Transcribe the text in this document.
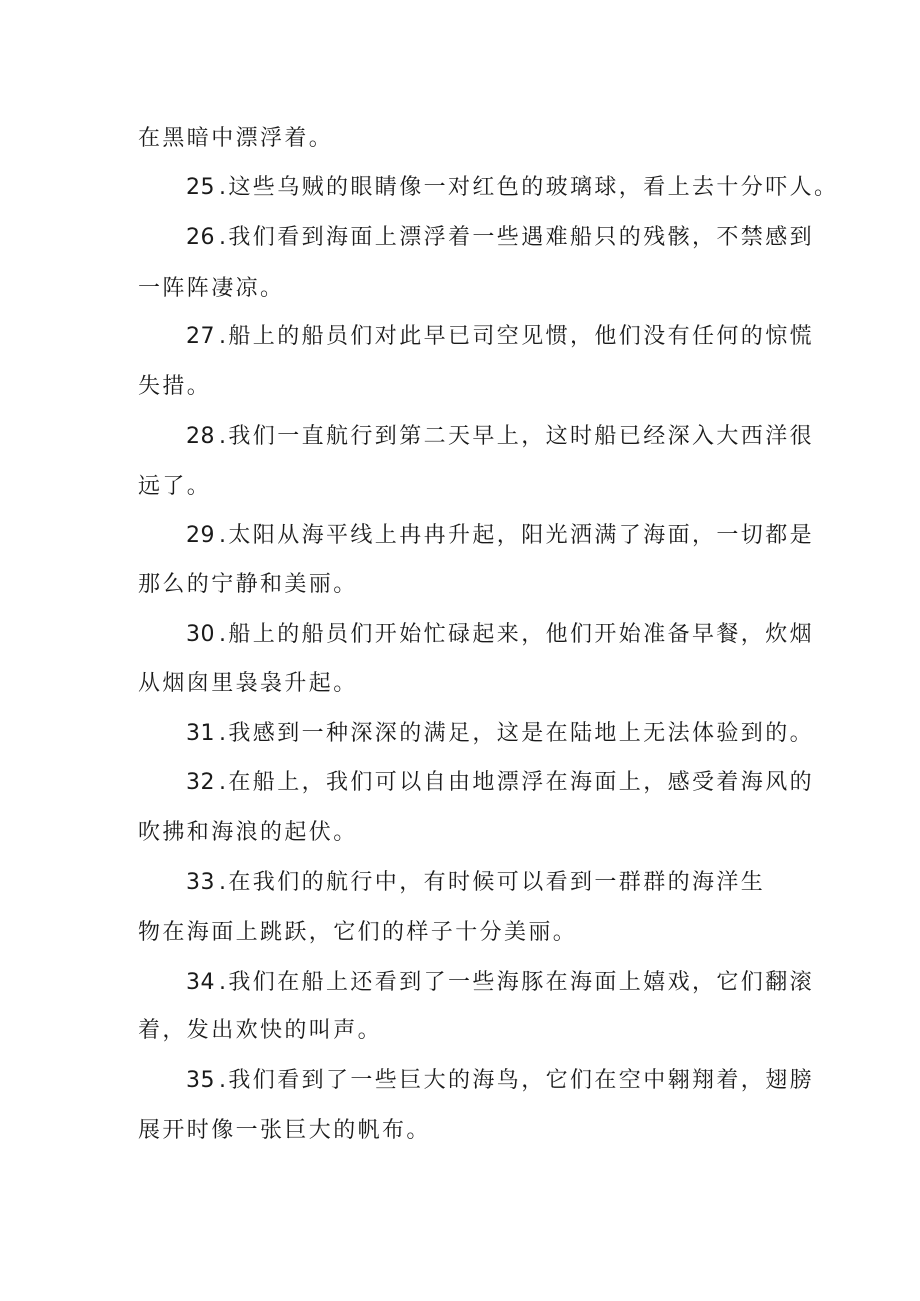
在黑暗中漂浮着。
25 .这些乌贼的眼睛像一对红色的玻璃球，看上去十分吓人。
26 .我们看到海面上漂浮着一些遇难船只的残骸，不禁感到
一阵阵凄凉。
27 .船上的船员们对此早已司空见惯，他们没有任何的惊慌
失措。
28 .我们一直航行到第二天早上，这时船已经深入大西洋很
远了。
29 .太阳从海平线上冉冉升起，阳光洒满了海面，一切都是
那么的宁静和美丽。
30 .船上的船员们开始忙碌起来，他们开始准备早餐，炊烟
从烟囱里袅袅升起。
31 .我感到一种深深的满足，这是在陆地上无法体验到的。
32 .在船上，我们可以自由地漂浮在海面上，感受着海风的
吹拂和海浪的起伏。
33 .在我们的航行中，有时候可以看到一群群的海洋生
物在海面上跳跃，它们的样子十分美丽。
34 .我们在船上还看到了一些海豚在海面上嬉戏，它们翻滚
着，发出欢快的叫声。
35 .我们看到了一些巨大的海鸟，它们在空中翱翔着，翅膀
展开时像一张巨大的帆布。
